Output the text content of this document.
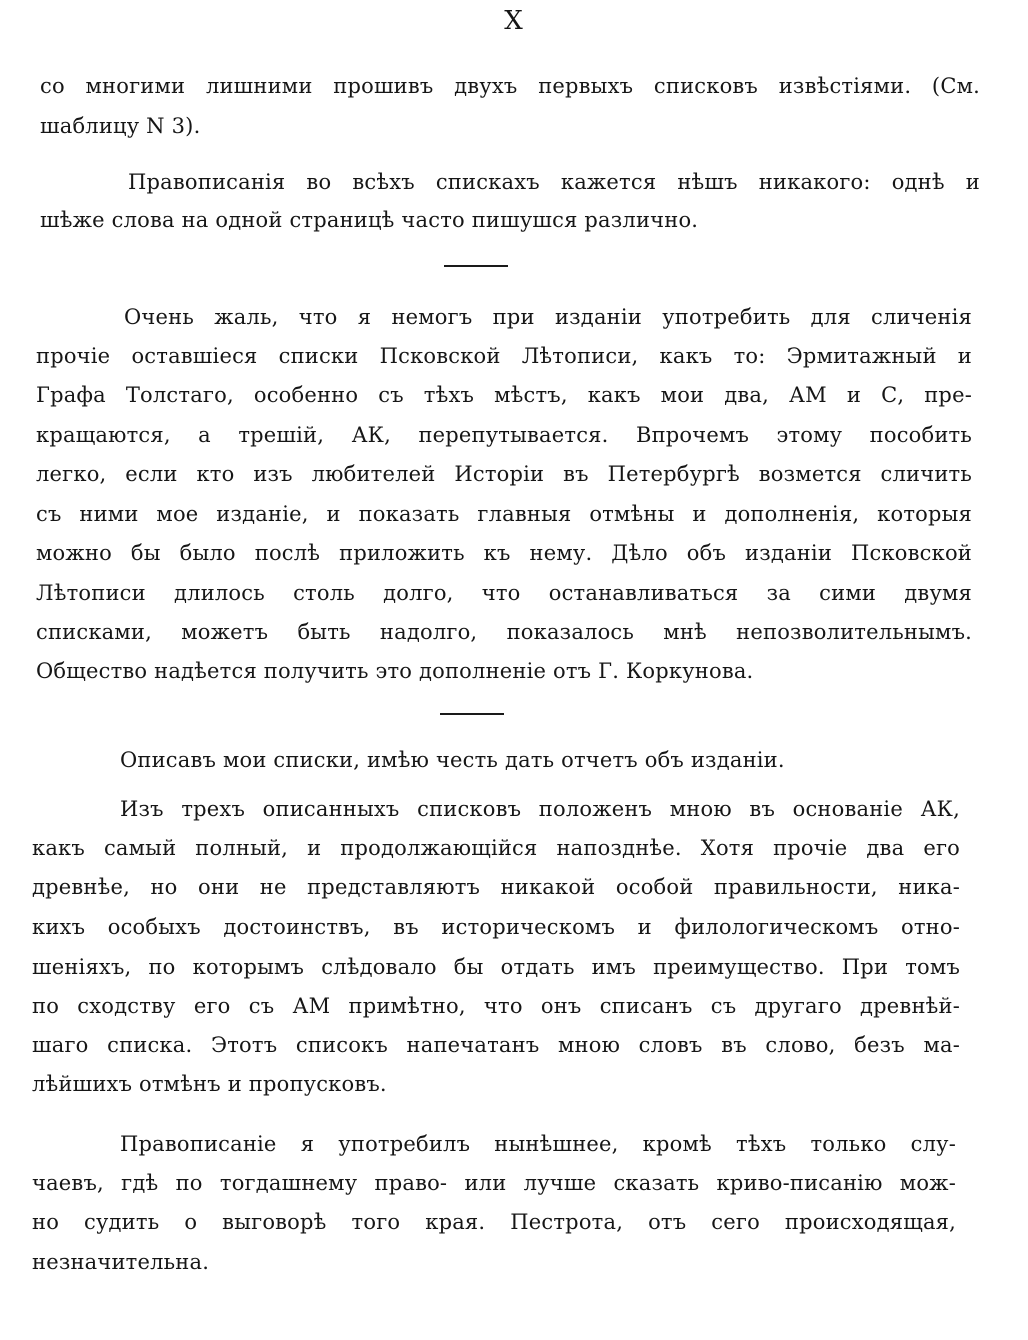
X
со многими лишними прошивъ двухъ первыхъ списковъ извѣстіями. (См.
шаблицу N 3).
Правописанія во всѣхъ спискахъ кажется нѣшъ никакого: однѣ и
шѣже слова на одной страницѣ часто пишушся различно.
Очень жаль, что я немогъ при изданіи употребить для сличенія
прочіе оставшіеся списки Псковской Лѣтописи, какъ то: Эрмитажный и
Графа Толстаго, особенно съ тѣхъ мѣстъ, какъ мои два, АМ и С, пре-
кращаются, а трешій, АК, перепутывается. Впрочемъ этому пособить
легко, если кто изъ любителей Исторіи въ Петербургѣ возмется сличить
съ ними мое изданіе, и показать главныя отмѣны и дополненія, которыя
можно бы было послѣ приложить къ нему. Дѣло объ изданіи Псковской
Лѣтописи длилось столь долго, что останавливаться за сими двумя
списками, можетъ быть надолго, показалось мнѣ непозволительнымъ.
Общество надѣется получить это дополненіе отъ Г. Коркунова.
Описавъ мои списки, имѣю честь дать отчетъ объ изданіи.
Изъ трехъ описанныхъ списковъ положенъ мною въ основаніе АК,
какъ самый полный, и продолжающійся напозднѣе. Хотя прочіе два его
древнѣе, но они не представляютъ никакой особой правильности, ника-
кихъ особыхъ достоинствъ, въ историческомъ и филологическомъ отно-
шеніяхъ, по которымъ слѣдовало бы отдать имъ преимущество. При томъ
по сходству его съ АМ примѣтно, что онъ списанъ съ другаго древнѣй-
шаго списка. Этотъ списокъ напечатанъ мною словъ въ слово, безъ ма-
лѣйшихъ отмѣнъ и пропусковъ.
Правописаніе я употребилъ нынѣшнее, кромѣ тѣхъ только слу-
чаевъ, гдѣ по тогдашнему право- или лучше сказать криво-писанію мож-
но судить о выговорѣ того края. Пестрота, отъ сего происходящая,
незначительна.
